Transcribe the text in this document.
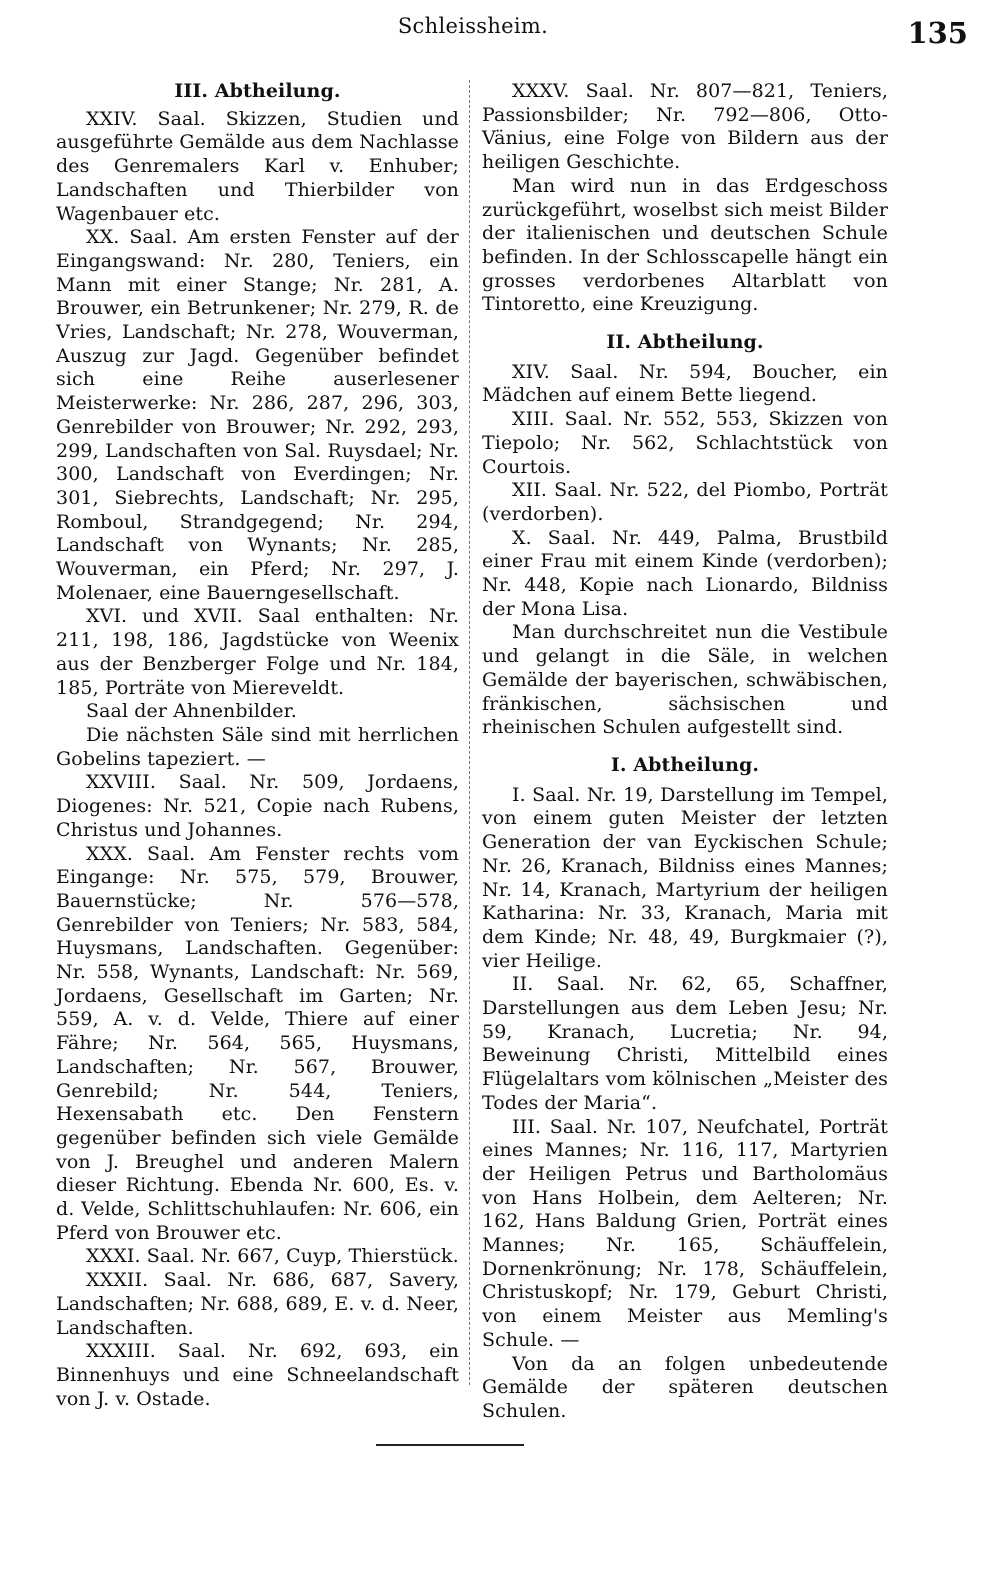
Schleissheim.	135
III. Abtheilung.

XXIV. Saal. Skizzen, Studien und ausgeführte Gemälde aus dem Nachlasse des Genremalers Karl v. Enhuber; Landschaften und Thierbilder von Wagenbauer etc.

XX. Saal. Am ersten Fenster auf der Eingangswand: Nr. 280, Teniers, ein Mann mit einer Stange; Nr. 281, A. Brouwer, ein Betrunkener; Nr. 279, R. de Vries, Landschaft; Nr. 278, Wouverman, Auszug zur Jagd. Gegenüber befindet sich eine Reihe auserlesener Meisterwerke: Nr. 286, 287, 296, 303, Genrebilder von Brouwer; Nr. 292, 293, 299, Landschaften von Sal. Ruysdael; Nr. 300, Landschaft von Everdingen; Nr. 301, Siebrechts, Landschaft; Nr. 295, Romboul, Strandgegend; Nr. 294, Landschaft von Wynants; Nr. 285, Wouverman, ein Pferd; Nr. 297, J. Molenaer, eine Bauerngesellschaft.

XVI. und XVII. Saal enthalten: Nr. 211, 198, 186, Jagdstücke von Weenix aus der Benzberger Folge und Nr. 184, 185, Porträte von Miereveldt.

Saal der Ahnenbilder.

Die nächsten Säle sind mit herrlichen Gobelins tapeziert. —

XXVIII. Saal. Nr. 509, Jordaens, Diogenes: Nr. 521, Copie nach Rubens, Christus und Johannes.

XXX. Saal. Am Fenster rechts vom Eingange: Nr. 575, 579, Brouwer, Bauernstücke; Nr. 576—578, Genrebilder von Teniers; Nr. 583, 584, Huysmans, Landschaften. Gegenüber: Nr. 558, Wynants, Landschaft: Nr. 569, Jordaens, Gesellschaft im Garten; Nr. 559, A. v. d. Velde, Thiere auf einer Fähre; Nr. 564, 565, Huysmans, Landschaften; Nr. 567, Brouwer, Genrebild; Nr. 544, Teniers, Hexensabath etc. Den Fenstern gegenüber befinden sich viele Gemälde von J. Breughel und anderen Malern dieser Richtung. Ebenda Nr. 600, Es. v. d. Velde, Schlittschuhlaufen: Nr. 606, ein Pferd von Brouwer etc.

XXXI. Saal. Nr. 667, Cuyp, Thierstück.

XXXII. Saal. Nr. 686, 687, Savery, Landschaften; Nr. 688, 689, E. v. d. Neer, Landschaften.

XXXIII. Saal. Nr. 692, 693, ein Binnenhuys und eine Schneelandschaft von J. v. Ostade.

XXXV. Saal. Nr. 807—821, Teniers, Passionsbilder; Nr. 792—806, Otto-Vänius, eine Folge von Bildern aus der heiligen Geschichte.

Man wird nun in das Erdgeschoss zurückgeführt, woselbst sich meist Bilder der italienischen und deutschen Schule befinden. In der Schlosscapelle hängt ein grosses verdorbenes Altarblatt von Tintoretto, eine Kreuzigung.

II. Abtheilung.

XIV. Saal. Nr. 594, Boucher, ein Mädchen auf einem Bette liegend.

XIII. Saal. Nr. 552, 553, Skizzen von Tiepolo; Nr. 562, Schlachtstück von Courtois.

XII. Saal. Nr. 522, del Piombo, Porträt (verdorben).

X. Saal. Nr. 449, Palma, Brustbild einer Frau mit einem Kinde (verdorben); Nr. 448, Kopie nach Lionardo, Bildniss der Mona Lisa.

Man durchschreitet nun die Vestibule und gelangt in die Säle, in welchen Gemälde der bayerischen, schwäbischen, fränkischen, sächsischen und rheinischen Schulen aufgestellt sind.

I. Abtheilung.

I. Saal. Nr. 19, Darstellung im Tempel, von einem guten Meister der letzten Generation der van Eyckischen Schule; Nr. 26, Kranach, Bildniss eines Mannes; Nr. 14, Kranach, Martyrium der heiligen Katharina: Nr. 33, Kranach, Maria mit dem Kinde; Nr. 48, 49, Burgkmaier (?), vier Heilige.

II. Saal. Nr. 62, 65, Schaffner, Darstellungen aus dem Leben Jesu; Nr. 59, Kranach, Lucretia; Nr. 94, Beweinung Christi, Mittelbild eines Flügelaltars vom kölnischen „Meister des Todes der Maria“.

III. Saal. Nr. 107, Neufchatel, Porträt eines Mannes; Nr. 116, 117, Martyrien der Heiligen Petrus und Bartholomäus von Hans Holbein, dem Aelteren; Nr. 162, Hans Baldung Grien, Porträt eines Mannes; Nr. 165, Schäuffelein, Dornenkrönung; Nr. 178, Schäuffelein, Christuskopf; Nr. 179, Geburt Christi, von einem Meister aus Memling's Schule. —

Von da an folgen unbedeutende Gemälde der späteren deutschen Schulen.
